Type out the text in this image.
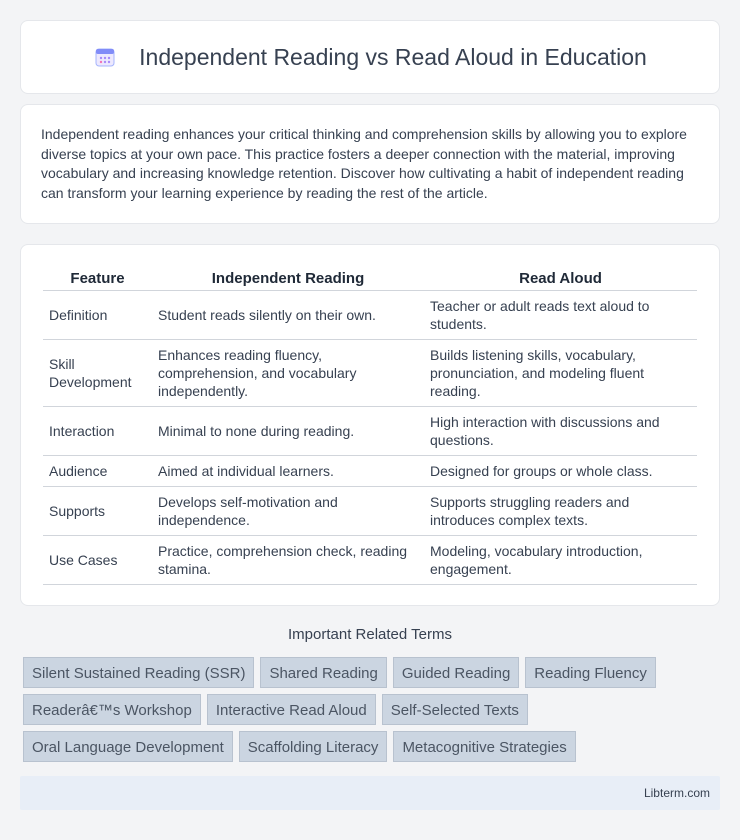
Independent Reading vs Read Aloud in Education

Independent reading enhances your critical thinking and comprehension skills by allowing you to explore diverse topics at your own pace. This practice fosters a deeper connection with the material, improving vocabulary and increasing knowledge retention. Discover how cultivating a habit of independent reading can transform your learning experience by reading the rest of the article.

Feature	Independent Reading	Read Aloud
Definition	Student reads silently on their own.	Teacher or adult reads text aloud to students.
Skill Development	Enhances reading fluency, comprehension, and vocabulary independently.	Builds listening skills, vocabulary, pronunciation, and modeling fluent reading.
Interaction	Minimal to none during reading.	High interaction with discussions and questions.
Audience	Aimed at individual learners.	Designed for groups or whole class.
Supports	Develops self-motivation and independence.	Supports struggling readers and introduces complex texts.
Use Cases	Practice, comprehension check, reading stamina.	Modeling, vocabulary introduction, engagement.
Important Related Terms
Silent Sustained Reading (SSR)	Shared Reading	Guided Reading	Reading Fluency
Readerâ€™s Workshop	Interactive Read Aloud	Self-Selected Texts
Oral Language Development	Scaffolding Literacy	Metacognitive Strategies
Libterm.com
